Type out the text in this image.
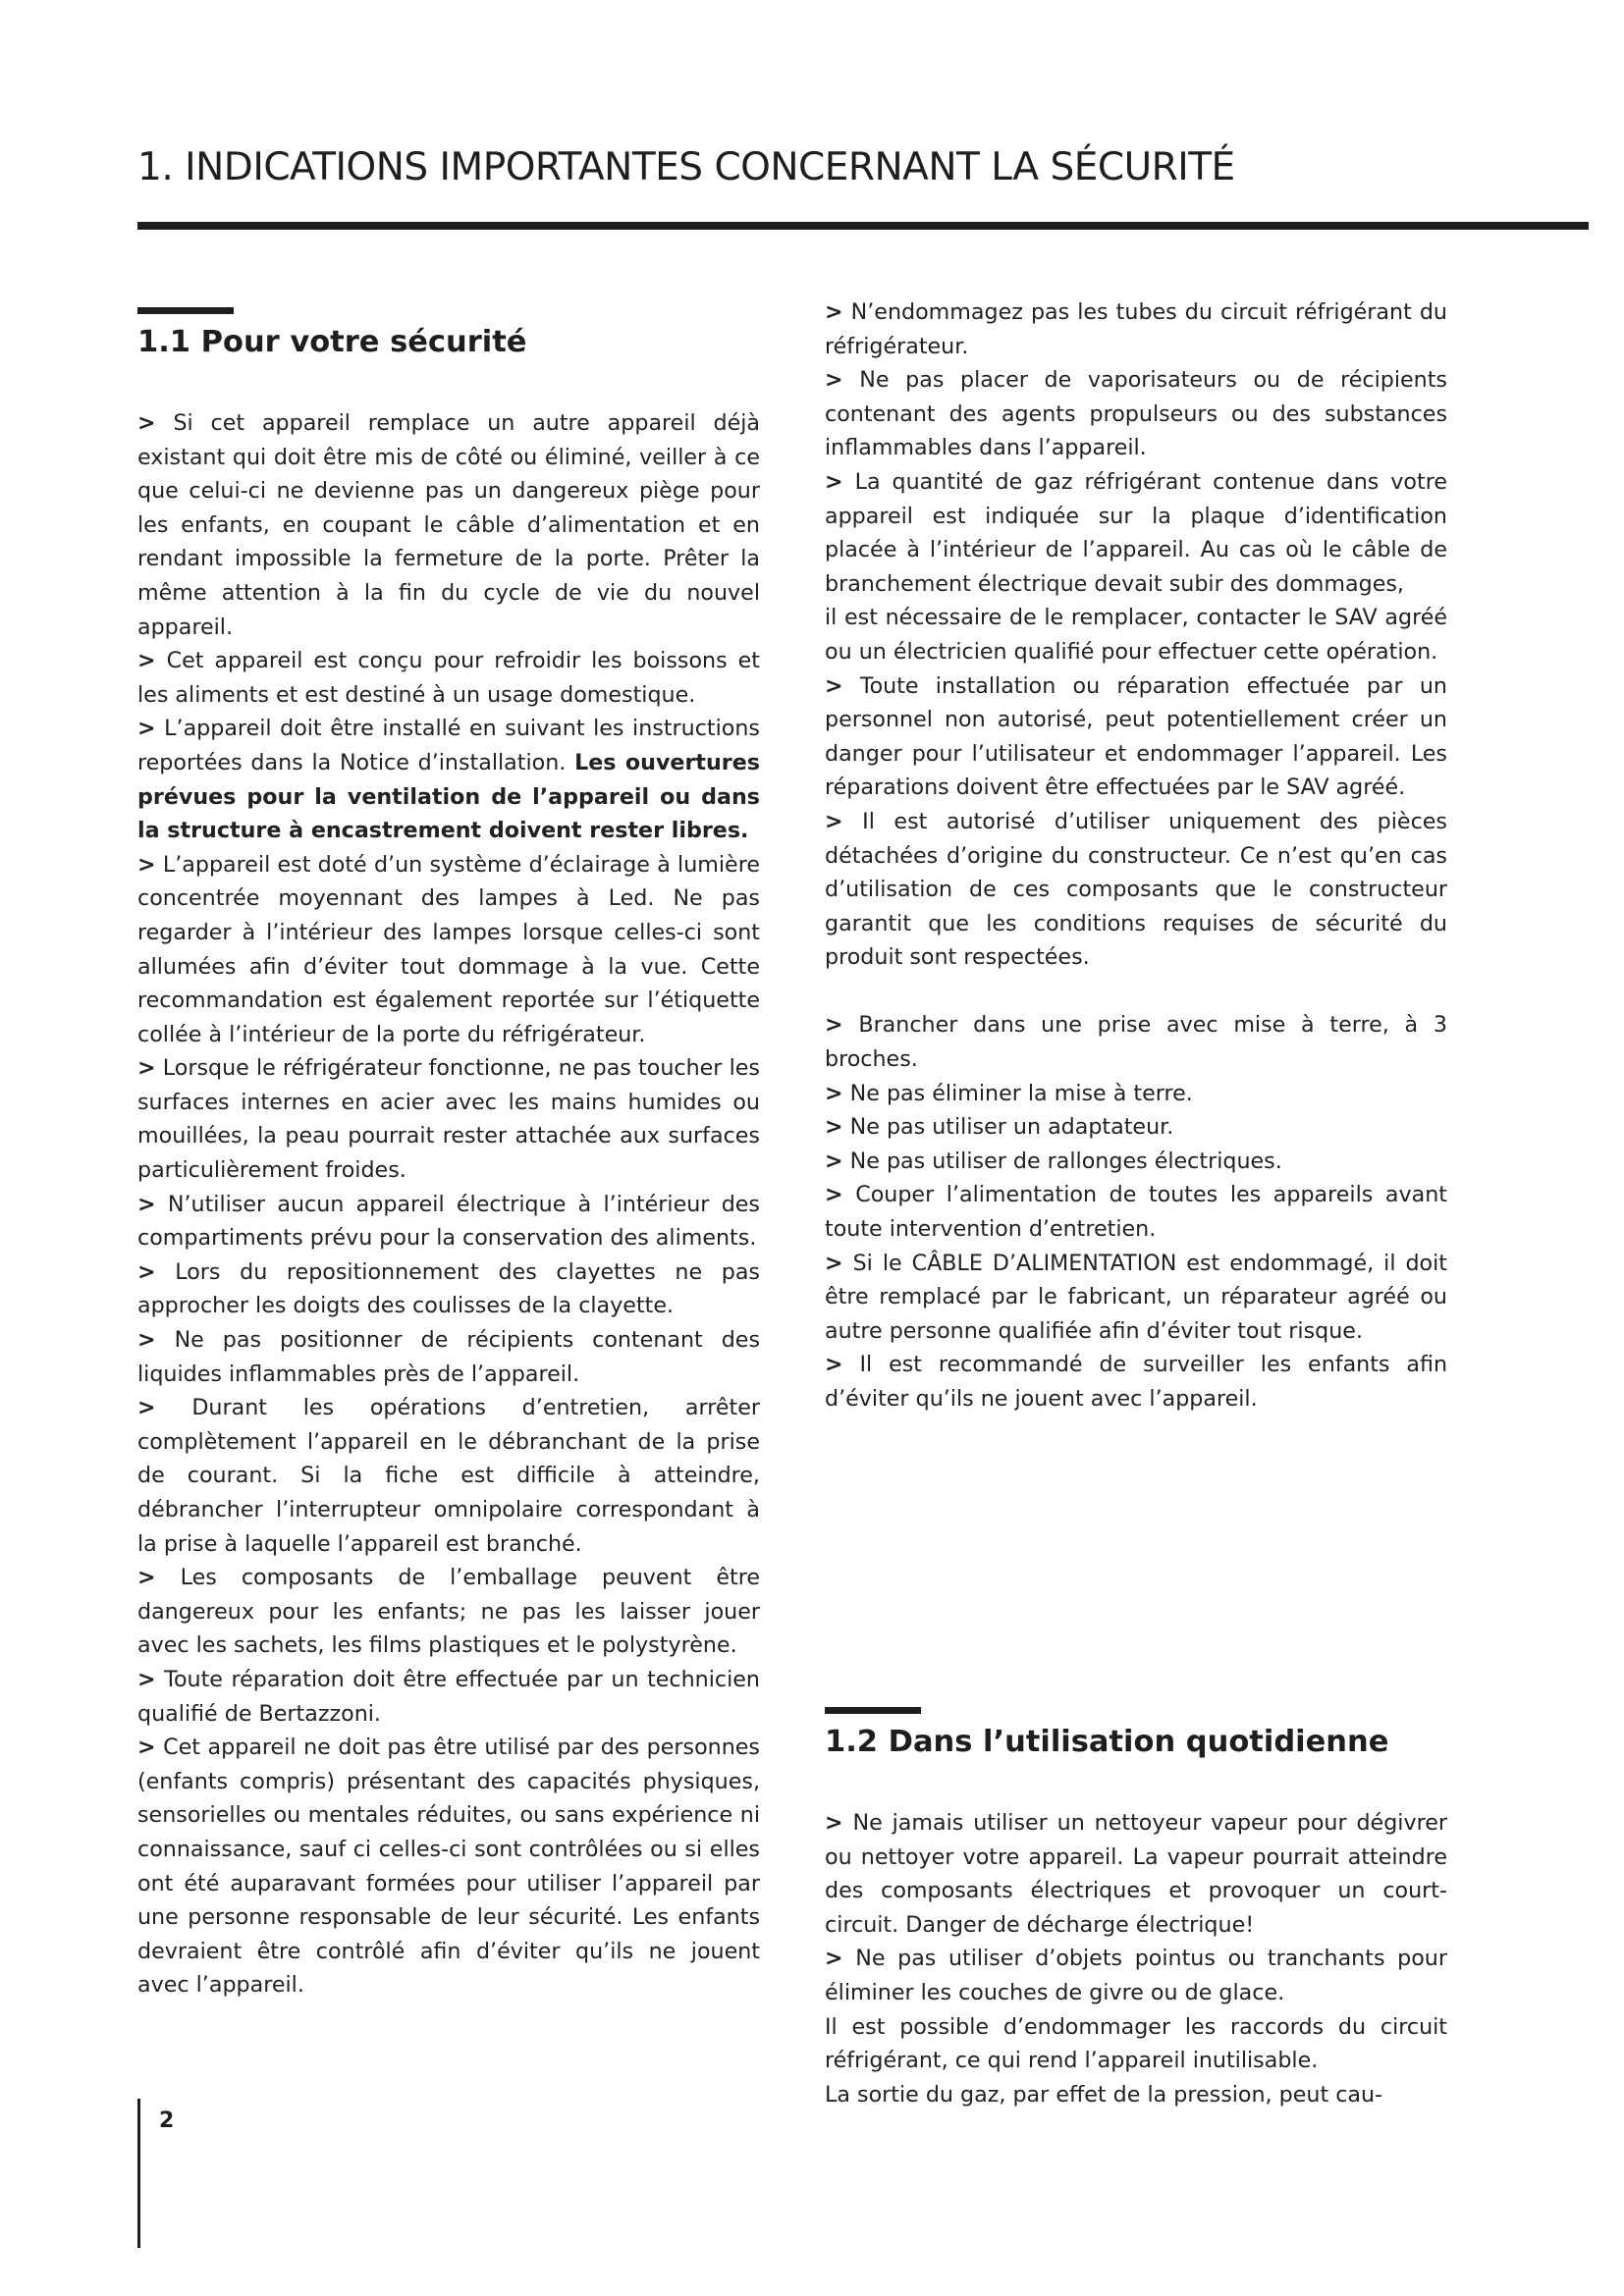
1. INDICATIONS IMPORTANTES CONCERNANT LA SÉCURITÉ
1.1 Pour votre sécurité

> Si cet appareil remplace un autre appareil déjà existant qui doit être mis de côté ou éliminé, veiller à ce que celui-ci ne devienne pas un dangereux piège pour les enfants, en coupant le câble d’alimentation et en rendant impossible la fermeture de la porte. Prêter la même attention à la fin du cycle de vie du nouvel appareil.

> Cet appareil est conçu pour refroidir les boissons et les aliments et est destiné à un usage domestique.

> L’appareil doit être installé en suivant les instructions reportées dans la Notice d’installation. Les ouvertures prévues pour la ventilation de l’appareil ou dans la structure à encastrement doivent rester libres.

> L’appareil est doté d’un système d’éclairage à lumière concentrée moyennant des lampes à Led. Ne pas regarder à l’intérieur des lampes lorsque celles-ci sont allumées afin d’éviter tout dommage à la vue. Cette recommandation est également reportée sur l’étiquette collée à l’intérieur de la porte du réfrigérateur.

> Lorsque le réfrigérateur fonctionne, ne pas toucher les surfaces internes en acier avec les mains humides ou mouillées, la peau pourrait rester attachée aux surfaces particulièrement froides.

> N’utiliser aucun appareil électrique à l’intérieur des compartiments prévu pour la conservation des aliments.

> Lors du repositionnement des clayettes ne pas approcher les doigts des coulisses de la clayette.

> Ne pas positionner de récipients contenant des liquides inflammables près de l’appareil.

> Durant les opérations d’entretien, arrêter complètement l’appareil en le débranchant de la prise de courant. Si la fiche est difficile à atteindre, débrancher l’interrupteur omnipolaire correspondant à la prise à laquelle l’appareil est branché.

> Les composants de l’emballage peuvent être dangereux pour les enfants; ne pas les laisser jouer avec les sachets, les films plastiques et le polystyrène.

> Toute réparation doit être effectuée par un technicien qualifié de Bertazzoni.

> Cet appareil ne doit pas être utilisé par des personnes (enfants compris) présentant des capacités physiques, sensorielles ou mentales réduites, ou sans expérience ni connaissance, sauf ci celles-ci sont contrôlées ou si elles ont été auparavant formées pour utiliser l’appareil par une personne responsable de leur sécurité. Les enfants devraient être contrôlé afin d’éviter qu’ils ne jouent avec l’appareil.

> N’endommagez pas les tubes du circuit réfrigérant du réfrigérateur.

> Ne pas placer de vaporisateurs ou de récipients contenant des agents propulseurs ou des substances inflammables dans l’appareil.

> La quantité de gaz réfrigérant contenue dans votre appareil est indiquée sur la plaque d’identification placée à l’intérieur de l’appareil. Au cas où le câble de branchement électrique devait subir des dommages,

il est nécessaire de le remplacer, contacter le SAV agréé ou un électricien qualifié pour effectuer cette opération.

> Toute installation ou réparation effectuée par un personnel non autorisé, peut potentiellement créer un danger pour l’utilisateur et endommager l’appareil. Les réparations doivent être effectuées par le SAV agréé.

> Il est autorisé d’utiliser uniquement des pièces détachées d’origine du constructeur. Ce n’est qu’en cas d’utilisation de ces composants que le constructeur garantit que les conditions requises de sécurité du produit sont respectées.

> Brancher dans une prise avec mise à terre, à 3 broches.

> Ne pas éliminer la mise à terre.

> Ne pas utiliser un adaptateur.

> Ne pas utiliser de rallonges électriques.

> Couper l’alimentation de toutes les appareils avant toute intervention d’entretien.

> Si le CÂBLE D’ALIMENTATION est endommagé, il doit être remplacé par le fabricant, un réparateur agréé ou autre personne qualifiée afin d’éviter tout risque.

> Il est recommandé de surveiller les enfants afin d’éviter qu’ils ne jouent avec l’appareil.

1.2 Dans l’utilisation quotidienne

> Ne jamais utiliser un nettoyeur vapeur pour dégivrer ou nettoyer votre appareil. La vapeur pourrait atteindre des composants électriques et provoquer un court-circuit. Danger de décharge électrique!

> Ne pas utiliser d’objets pointus ou tranchants pour éliminer les couches de givre ou de glace.

Il est possible d’endommager les raccords du circuit réfrigérant, ce qui rend l’appareil inutilisable.

La sortie du gaz, par effet de la pression, peut cau-

2
